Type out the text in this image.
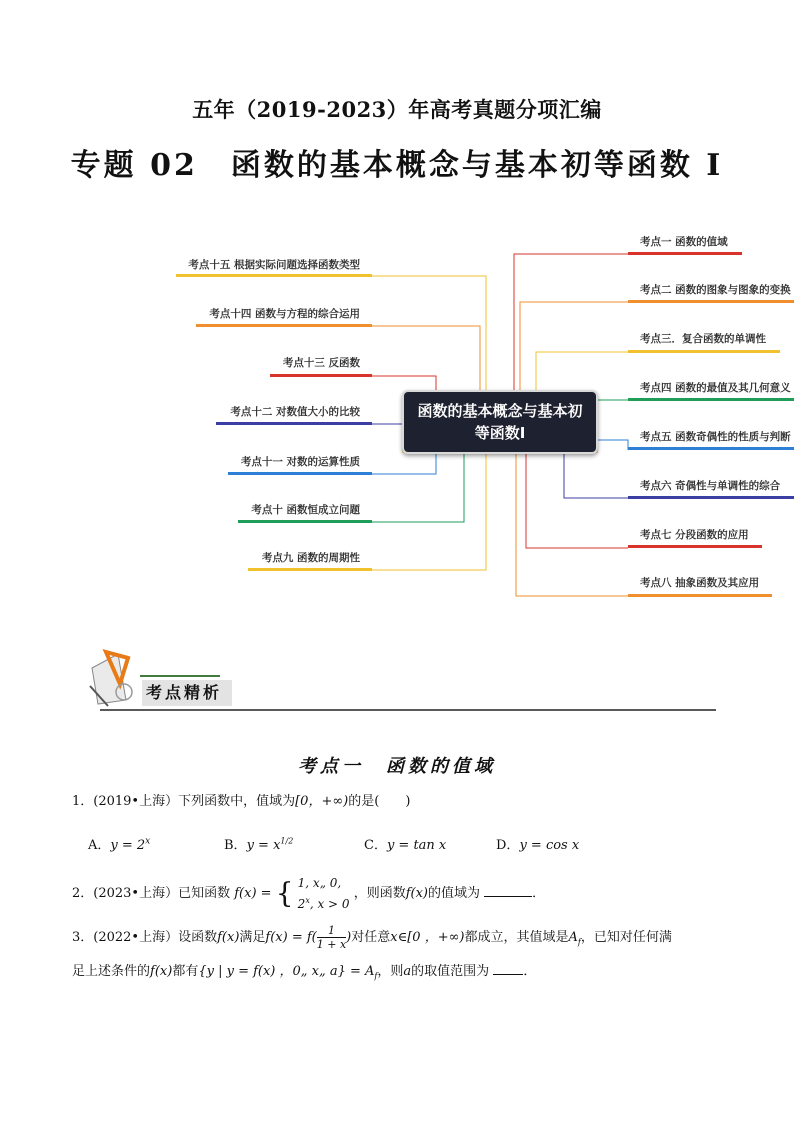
五年（2019-2023）年高考真题分项汇编
专题 02　函数的基本概念与基本初等函数 I
考点一 函数的值域
考点二 函数的图象与图象的变换
考点三．复合函数的单调性
考点四 函数的最值及其几何意义
考点五 函数奇偶性的性质与判断
考点六 奇偶性与单调性的综合
考点七 分段函数的应用
考点八 抽象函数及其应用
考点十五 根据实际问题选择函数类型
考点十四 函数与方程的综合运用
考点十三 反函数
考点十二 对数值大小的比较
考点十一 对数的运算性质
考点十 函数恒成立问题
考点九 函数的周期性
函数的基本概念与基本初等函数I
考点精析
考点一　函数的值域
1．(2019•上海）下列函数中，值域为[0，+∞)的是(　　)
A．$y = 2^x$	B．$y = x^{1/2}$	C．y = tan x	D．y = cos x
2．(2023•上海）已知函数 f(x) = { 1, x„ 0,
2$^x$, x > 0 ，则函数f(x)的值域为	．
3．(2022•上海）设函数f(x)满足$f(x) = f( \frac{1}{1 + x}$ )对任意x∈[0 ，+∞)都成立，其值域是$A_f$，已知对任何满
足上述条件的f(x)都有{y | y = f(x) ，0„ x„ $a\} = A_f$，则a的取值范围为	．
